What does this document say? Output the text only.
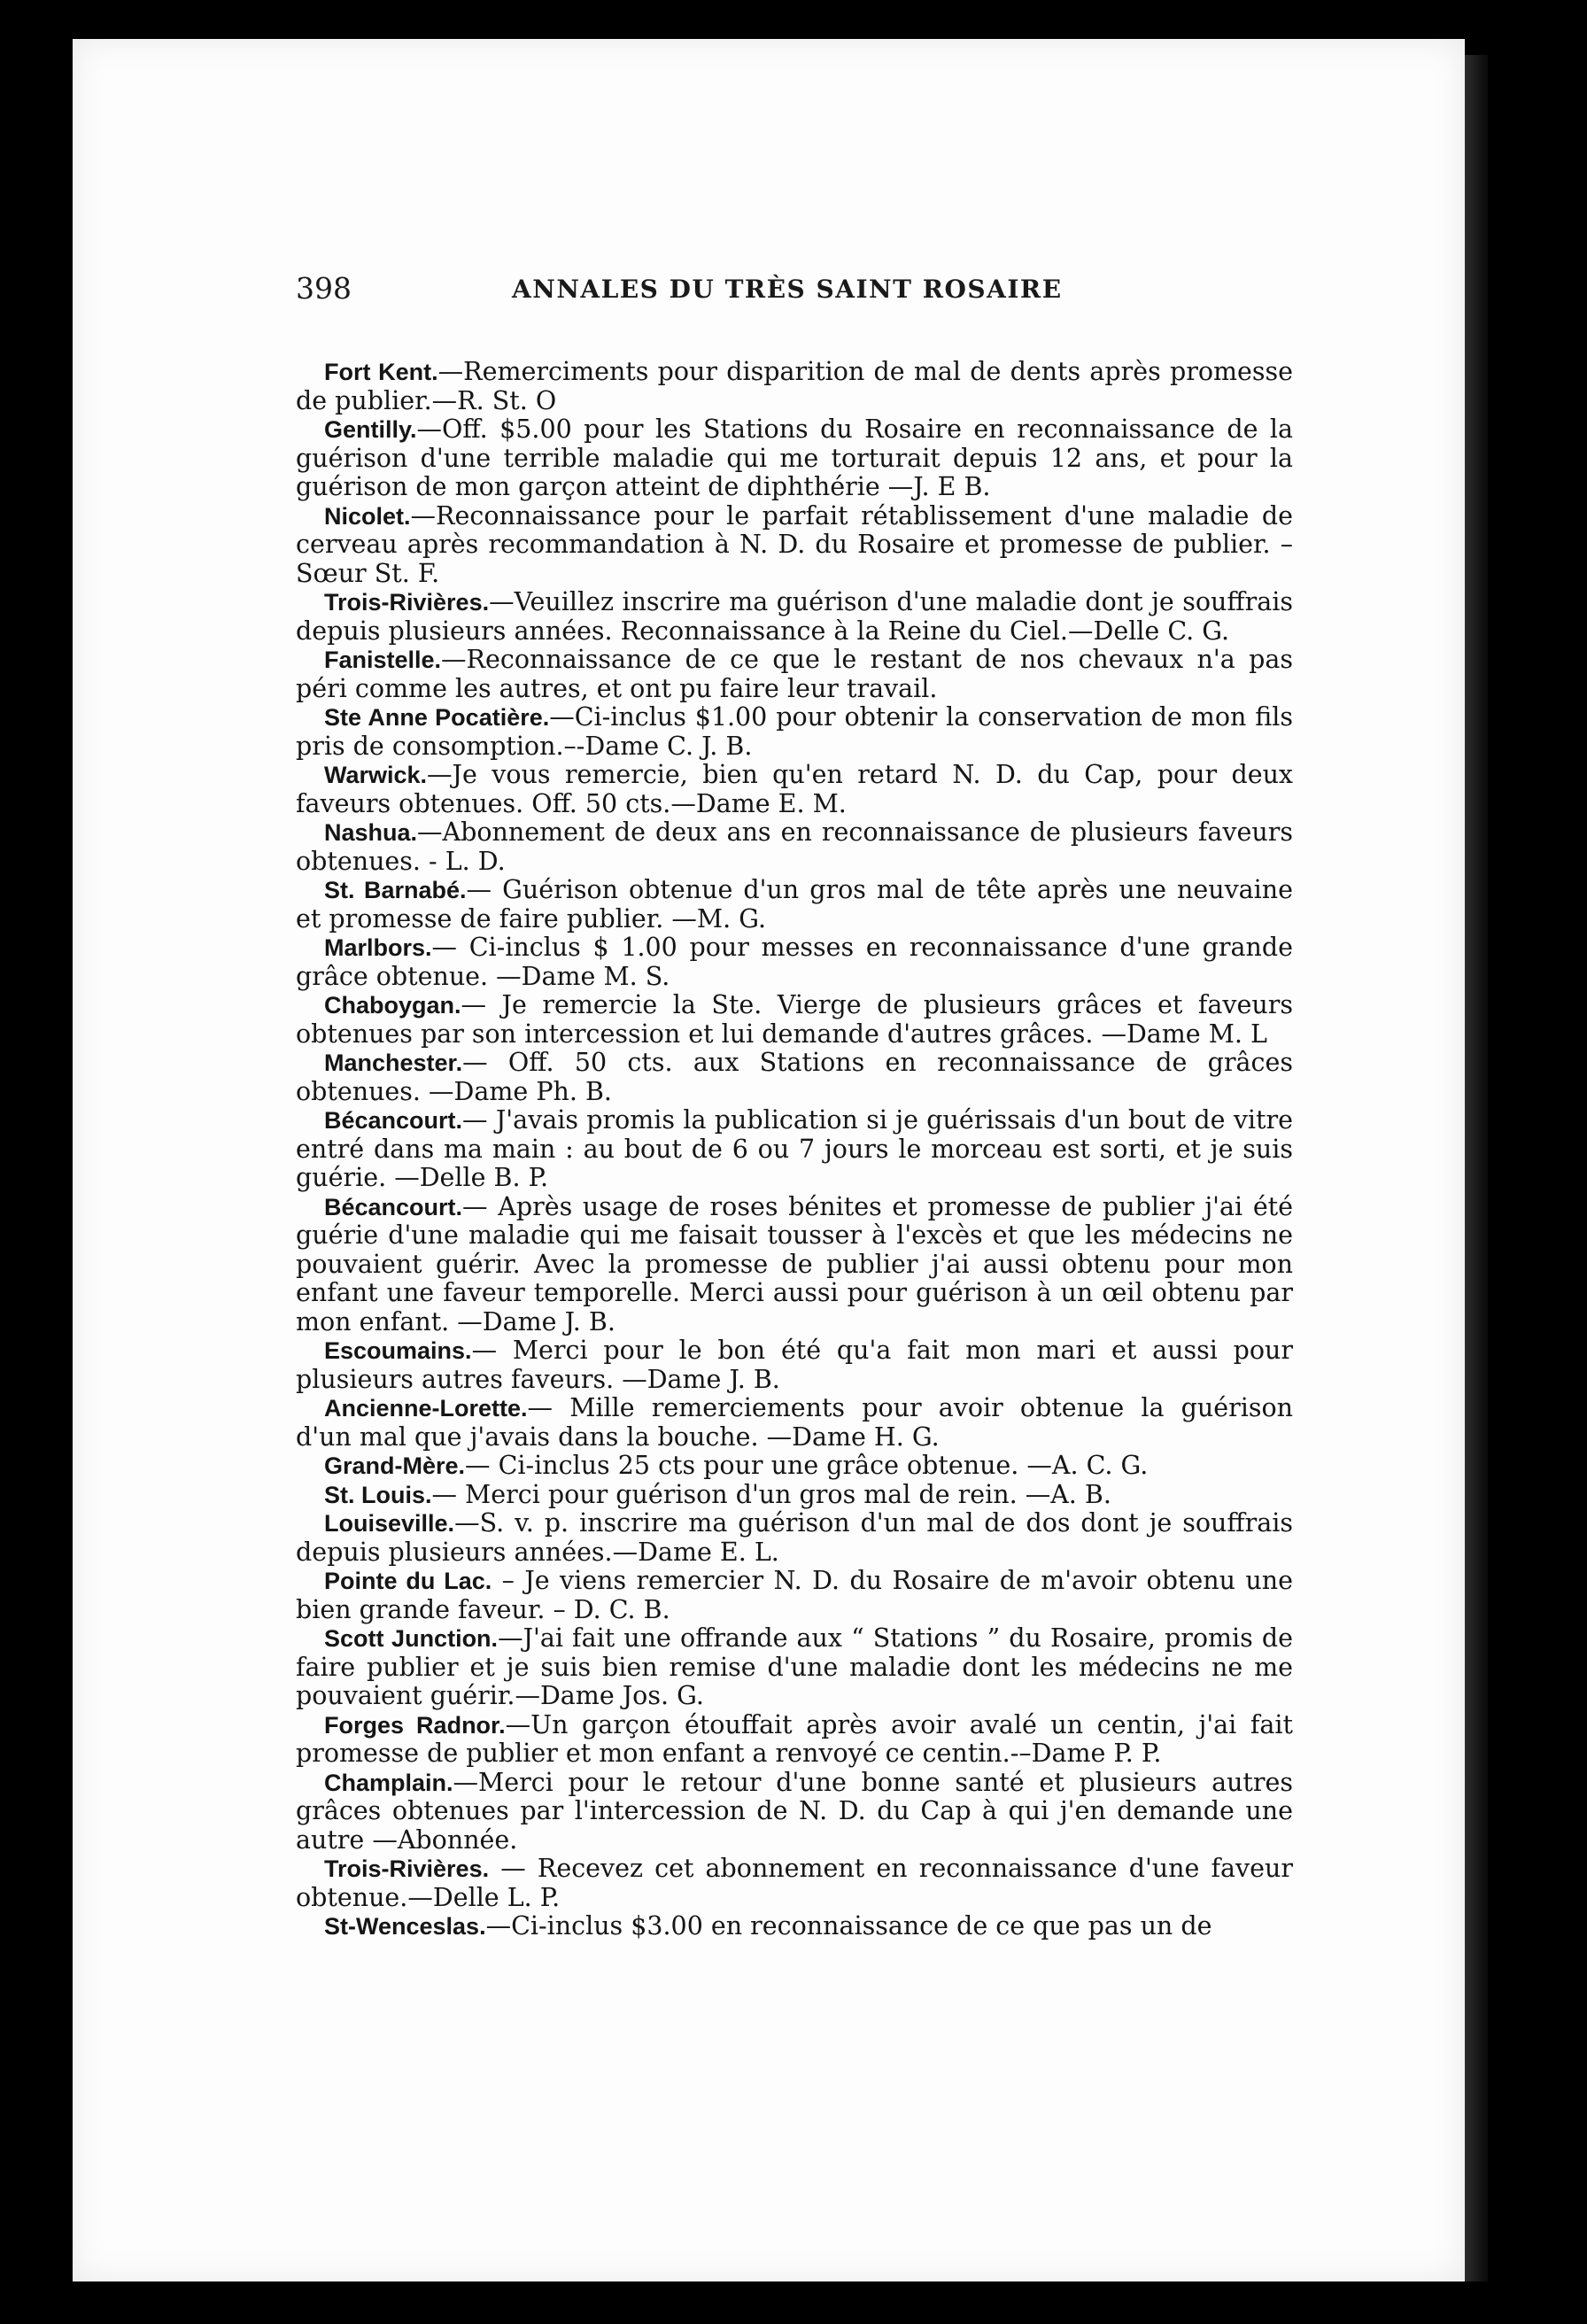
398	ANNALES DU TRÈS SAINT ROSAIRE

Fort Kent.—Remerciments pour disparition de mal de dents après promesse de publier.—R. St. O

Gentilly.—Off. $5.00 pour les Stations du Rosaire en reconnaissance de la guérison d'une terrible maladie qui me torturait depuis 12 ans, et pour la guérison de mon garçon atteint de diphthérie —J. E B.

Nicolet.—Reconnaissance pour le parfait rétablissement d'une maladie de cerveau après recommandation à N. D. du Rosaire et promesse de publier. – Sœur St. F.

Trois-Rivières.—Veuillez inscrire ma guérison d'une maladie dont je souffrais depuis plusieurs années. Reconnaissance à la Reine du Ciel.—Delle C. G.

Fanistelle.—Reconnaissance de ce que le restant de nos chevaux n'a pas péri comme les autres, et ont pu faire leur travail.

Ste Anne Pocatière.—Ci-inclus $1.00 pour obtenir la conservation de mon fils pris de consomption.–-Dame C. J. B.

Warwick.—Je vous remercie, bien qu'en retard N. D. du Cap, pour deux faveurs obtenues. Off. 50 cts.—Dame E. M.

Nashua.—Abonnement de deux ans en reconnaissance de plusieurs faveurs obtenues. - L. D.

St. Barnabé.— Guérison obtenue d'un gros mal de tête après une neuvaine et promesse de faire publier. —M. G.

Marlbors.— Ci-inclus $ 1.00 pour messes en reconnaissance d'une grande grâce obtenue. —Dame M. S.

Chaboygan.— Je remercie la Ste. Vierge de plusieurs grâces et faveurs obtenues par son intercession et lui demande d'autres grâces. —Dame M. L

Manchester.— Off. 50 cts. aux Stations en reconnaissance de grâces obtenues. —Dame Ph. B.

Bécancourt.— J'avais promis la publication si je guérissais d'un bout de vitre entré dans ma main : au bout de 6 ou 7 jours le morceau est sorti, et je suis guérie. —Delle B. P.

Bécancourt.— Après usage de roses bénites et promesse de publier j'ai été guérie d'une maladie qui me faisait tousser à l'excès et que les médecins ne pouvaient guérir. Avec la promesse de publier j'ai aussi obtenu pour mon enfant une faveur temporelle. Merci aussi pour guérison à un œil obtenu par mon enfant. —Dame J. B.

Escoumains.— Merci pour le bon été qu'a fait mon mari et aussi pour plusieurs autres faveurs. —Dame J. B.

Ancienne-Lorette.— Mille remerciements pour avoir obtenue la guérison d'un mal que j'avais dans la bouche. —Dame H. G.

Grand-Mère.— Ci-inclus 25 cts pour une grâce obtenue. —A. C. G.

St. Louis.— Merci pour guérison d'un gros mal de rein. —A. B.

Louiseville.—S. v. p. inscrire ma guérison d'un mal de dos dont je souffrais depuis plusieurs années.—Dame E. L.

Pointe du Lac. – Je viens remercier N. D. du Rosaire de m'avoir obtenu une bien grande faveur. – D. C. B.

Scott Junction.—J'ai fait une offrande aux “ Stations ” du Rosaire, promis de faire publier et je suis bien remise d'une maladie dont les médecins ne me pouvaient guérir.—Dame Jos. G.

Forges Radnor.—Un garçon étouffait après avoir avalé un centin, j'ai fait promesse de publier et mon enfant a renvoyé ce centin.-–Dame P. P.

Champlain.—Merci pour le retour d'une bonne santé et plusieurs autres grâces obtenues par l'intercession de N. D. du Cap à qui j'en demande une autre —Abonnée.

Trois-Rivières. — Recevez cet abonnement en reconnaissance d'une faveur obtenue.—Delle L. P.

St-Wenceslas.—Ci-inclus $3.00 en reconnaissance de ce que pas un de
